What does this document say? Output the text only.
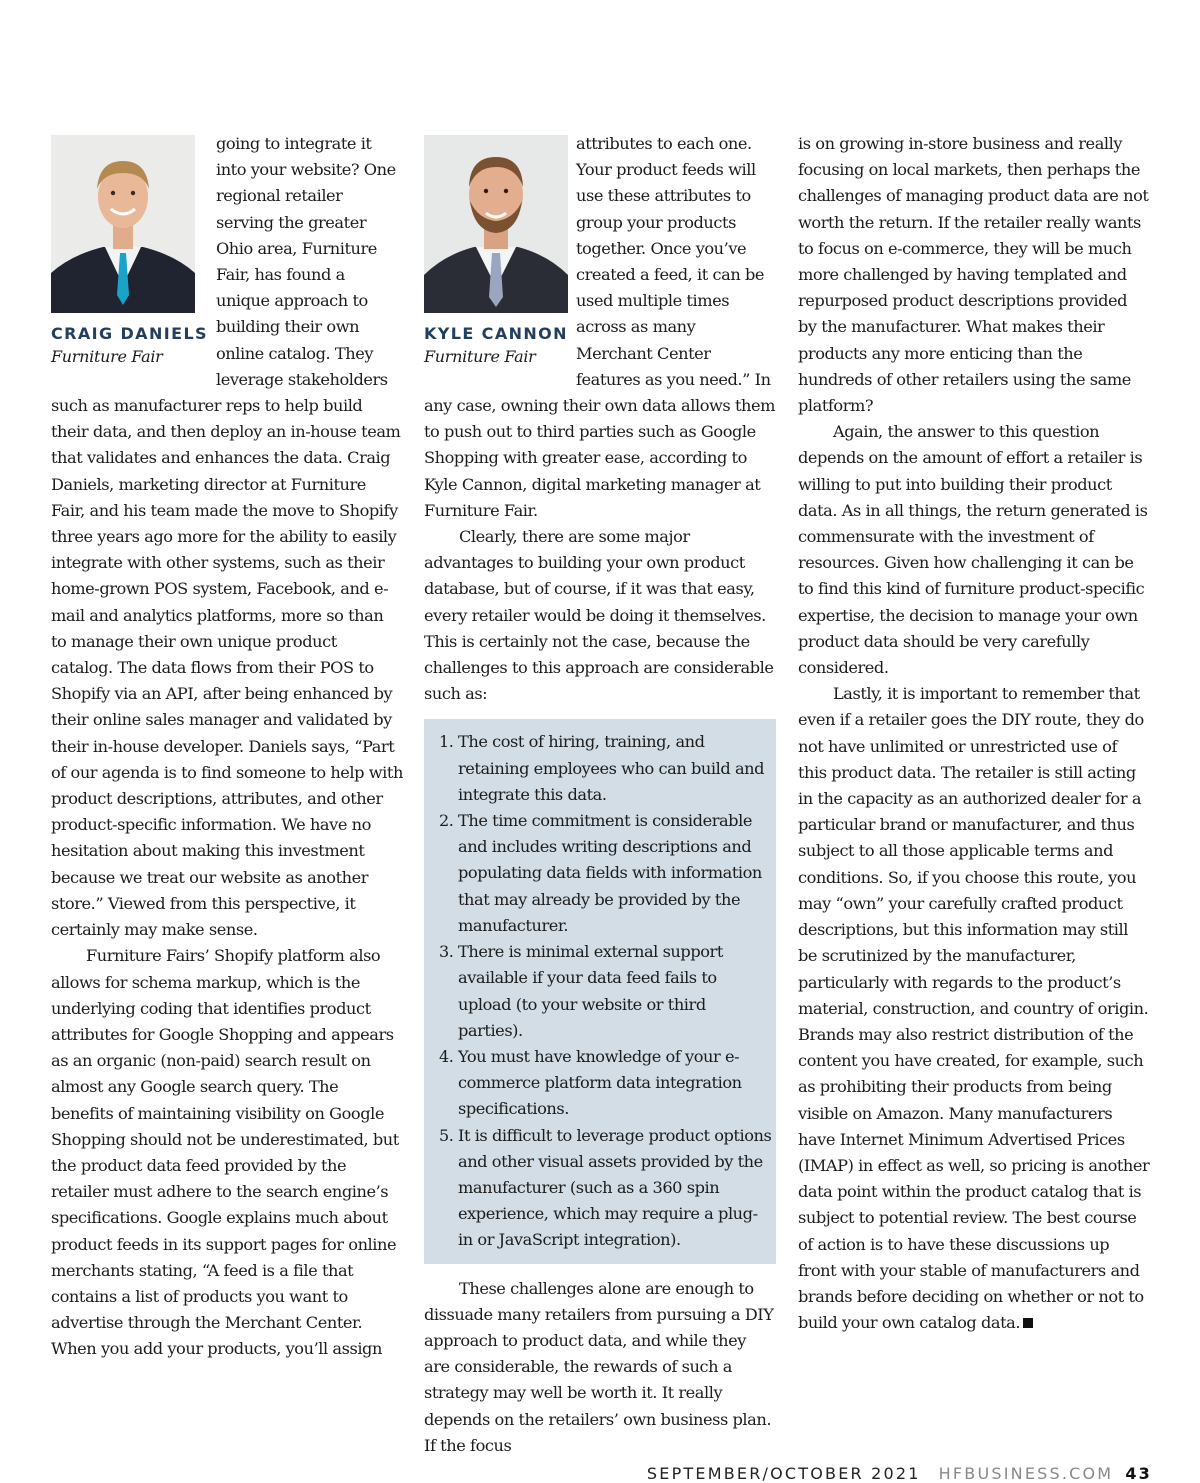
CRAIG DANIELS
Furniture Fair

going to integrate it into your website? One regional retailer serving the greater Ohio area, Furniture Fair, has found a unique approach to building their own online catalog. They leverage stakeholders such as manufacturer reps to help build their data, and then deploy an in-house team that validates and enhances the data. Craig Daniels, marketing director at Furniture Fair, and his team made the move to Shopify three years ago more for the ability to easily integrate with other systems, such as their home-grown POS system, Facebook, and e-mail and analytics platforms, more so than to manage their own unique product catalog. The data flows from their POS to Shopify via an API, after being enhanced by their online sales manager and validated by their in-house developer. Daniels says, “Part of our agenda is to find someone to help with product descriptions, attributes, and other product-specific information. We have no hesitation about making this investment because we treat our website as another store.” Viewed from this perspective, it certainly may make sense.

Furniture Fairs’ Shopify platform also allows for schema markup, which is the underlying coding that identifies product attributes for Google Shopping and appears as an organic (non-paid) search result on almost any Google search query. The benefits of maintaining visibility on Google Shopping should not be underestimated, but the product data feed provided by the retailer must adhere to the search engine’s specifications. Google explains much about product feeds in its support pages for online merchants stating, “A feed is a file that contains a list of products you want to advertise through the Merchant Center. When you add your products, you’ll assign

KYLE CANNON
Furniture Fair

attributes to each one. Your product feeds will use these attributes to group your products together. Once you’ve created a feed, it can be used multiple times across as many Merchant Center features as you need.” In any case, owning their own data allows them to push out to third parties such as Google Shopping with greater ease, according to Kyle Cannon, digital marketing manager at Furniture Fair.

Clearly, there are some major advantages to building your own product database, but of course, if it was that easy, every retailer would be doing it themselves. This is certainly not the case, because the challenges to this approach are considerable such as:

1. The cost of hiring, training, and retaining employees who can build and integrate this data.
2. The time commitment is considerable and includes writing descriptions and populating data fields with information that may already be provided by the manufacturer.
3. There is minimal external support available if your data feed fails to upload (to your website or third parties).
4. You must have knowledge of your e-commerce platform data integration specifications.
5. It is difficult to leverage product options and other visual assets provided by the manufacturer (such as a 360 spin experience, which may require a plug-in or JavaScript integration).

These challenges alone are enough to dissuade many retailers from pursuing a DIY approach to product data, and while they are considerable, the rewards of such a strategy may well be worth it. It really depends on the retailers’ own business plan. If the focus

is on growing in-store business and really focusing on local markets, then perhaps the challenges of managing product data are not worth the return. If the retailer really wants to focus on e-commerce, they will be much more challenged by having templated and repurposed product descriptions provided by the manufacturer. What makes their products any more enticing than the hundreds of other retailers using the same platform?

Again, the answer to this question depends on the amount of effort a retailer is willing to put into building their product data. As in all things, the return generated is commensurate with the investment of resources. Given how challenging it can be to find this kind of furniture product-specific expertise, the decision to manage your own product data should be very carefully considered.

Lastly, it is important to remember that even if a retailer goes the DIY route, they do not have unlimited or unrestricted use of this product data. The retailer is still acting in the capacity as an authorized dealer for a particular brand or manufacturer, and thus subject to all those applicable terms and conditions. So, if you choose this route, you may “own” your carefully crafted product descriptions, but this information may still be scrutinized by the manufacturer, particularly with regards to the product’s material, construction, and country of origin. Brands may also restrict distribution of the content you have created, for example, such as prohibiting their products from being visible on Amazon. Many manufacturers have Internet Minimum Advertised Prices (IMAP) in effect as well, so pricing is another data point within the product catalog that is subject to potential review. The best course of action is to have these discussions up front with your stable of manufacturers and brands before deciding on whether or not to build your own catalog data.

SEPTEMBER/OCTOBER 2021 HFBUSINESS.COM 43
